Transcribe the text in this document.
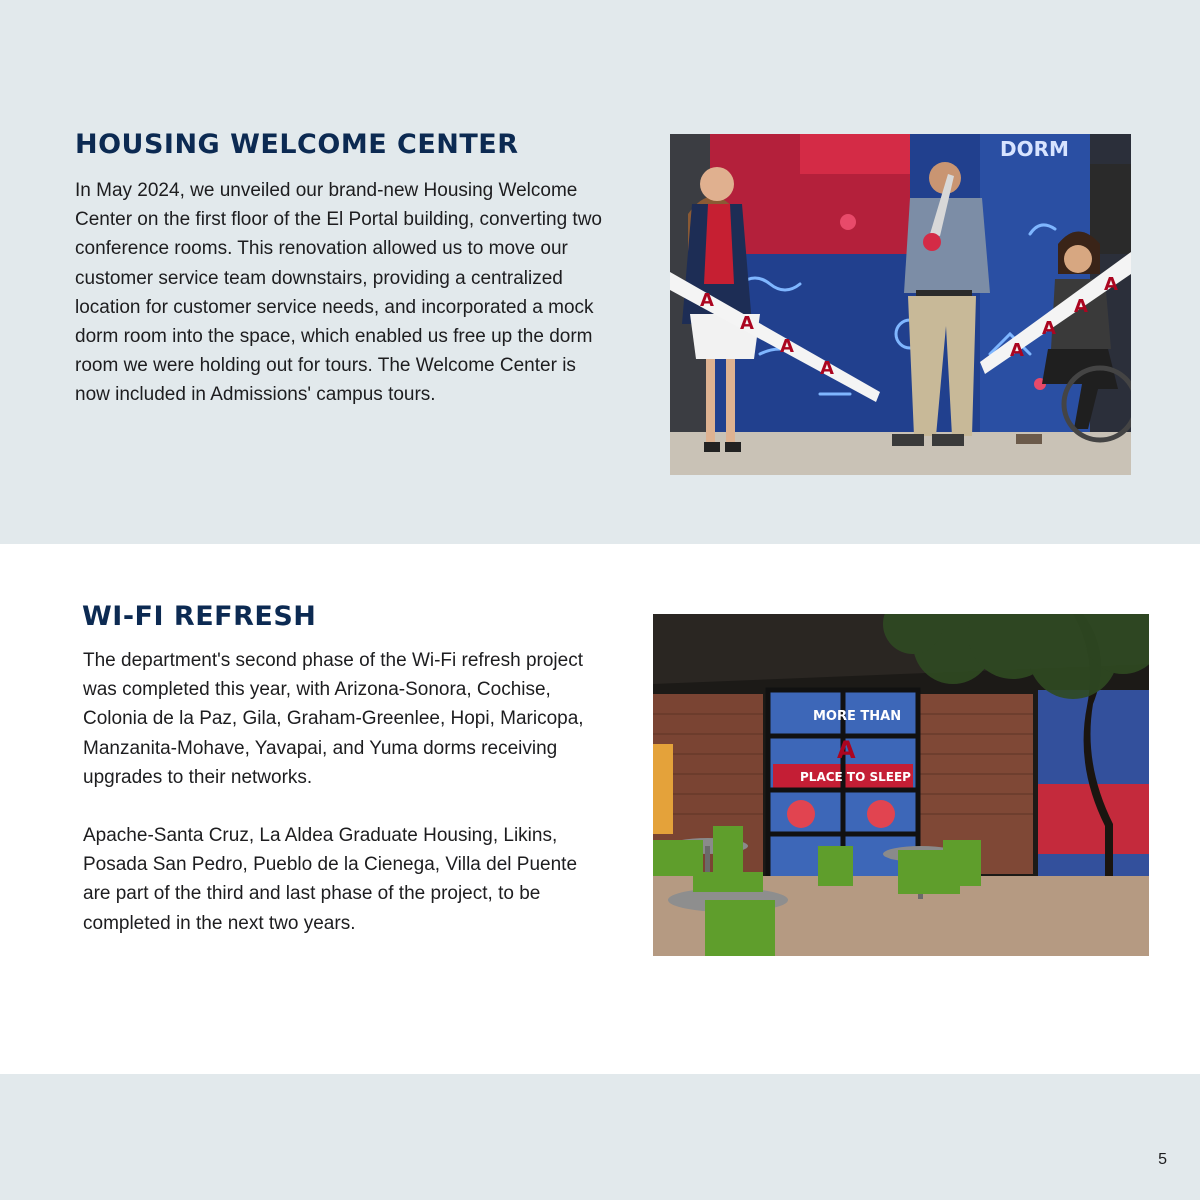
HOUSING WELCOME CENTER

In May 2024, we unveiled our brand-new Housing Welcome Center on the first floor of the El Portal building, converting two conference rooms. This renovation allowed us to move our customer service team downstairs, providing a centralized location for customer service needs, and incorporated a mock dorm room into the space, which enabled us free up the dorm room we were holding out for tours. The Welcome Center is now included in Admissions' campus tours.

DORM
A
A
A
A
A
A
A
A
WI-FI REFRESH

The department's second phase of the Wi-Fi refresh project was completed this year, with Arizona-Sonora, Cochise, Colonia de la Paz, Gila, Graham-Greenlee, Hopi, Maricopa, Manzanita-Mohave, Yavapai, and Yuma dorms receiving upgrades to their networks.

Apache-Santa Cruz, La Aldea Graduate Housing, Likins, Posada San Pedro, Pueblo de la Cienega, Villa del Puente are part of the third and last phase of the project, to be completed in the next two years.

MORE THAN
A
PLACE TO SLEEP
5
